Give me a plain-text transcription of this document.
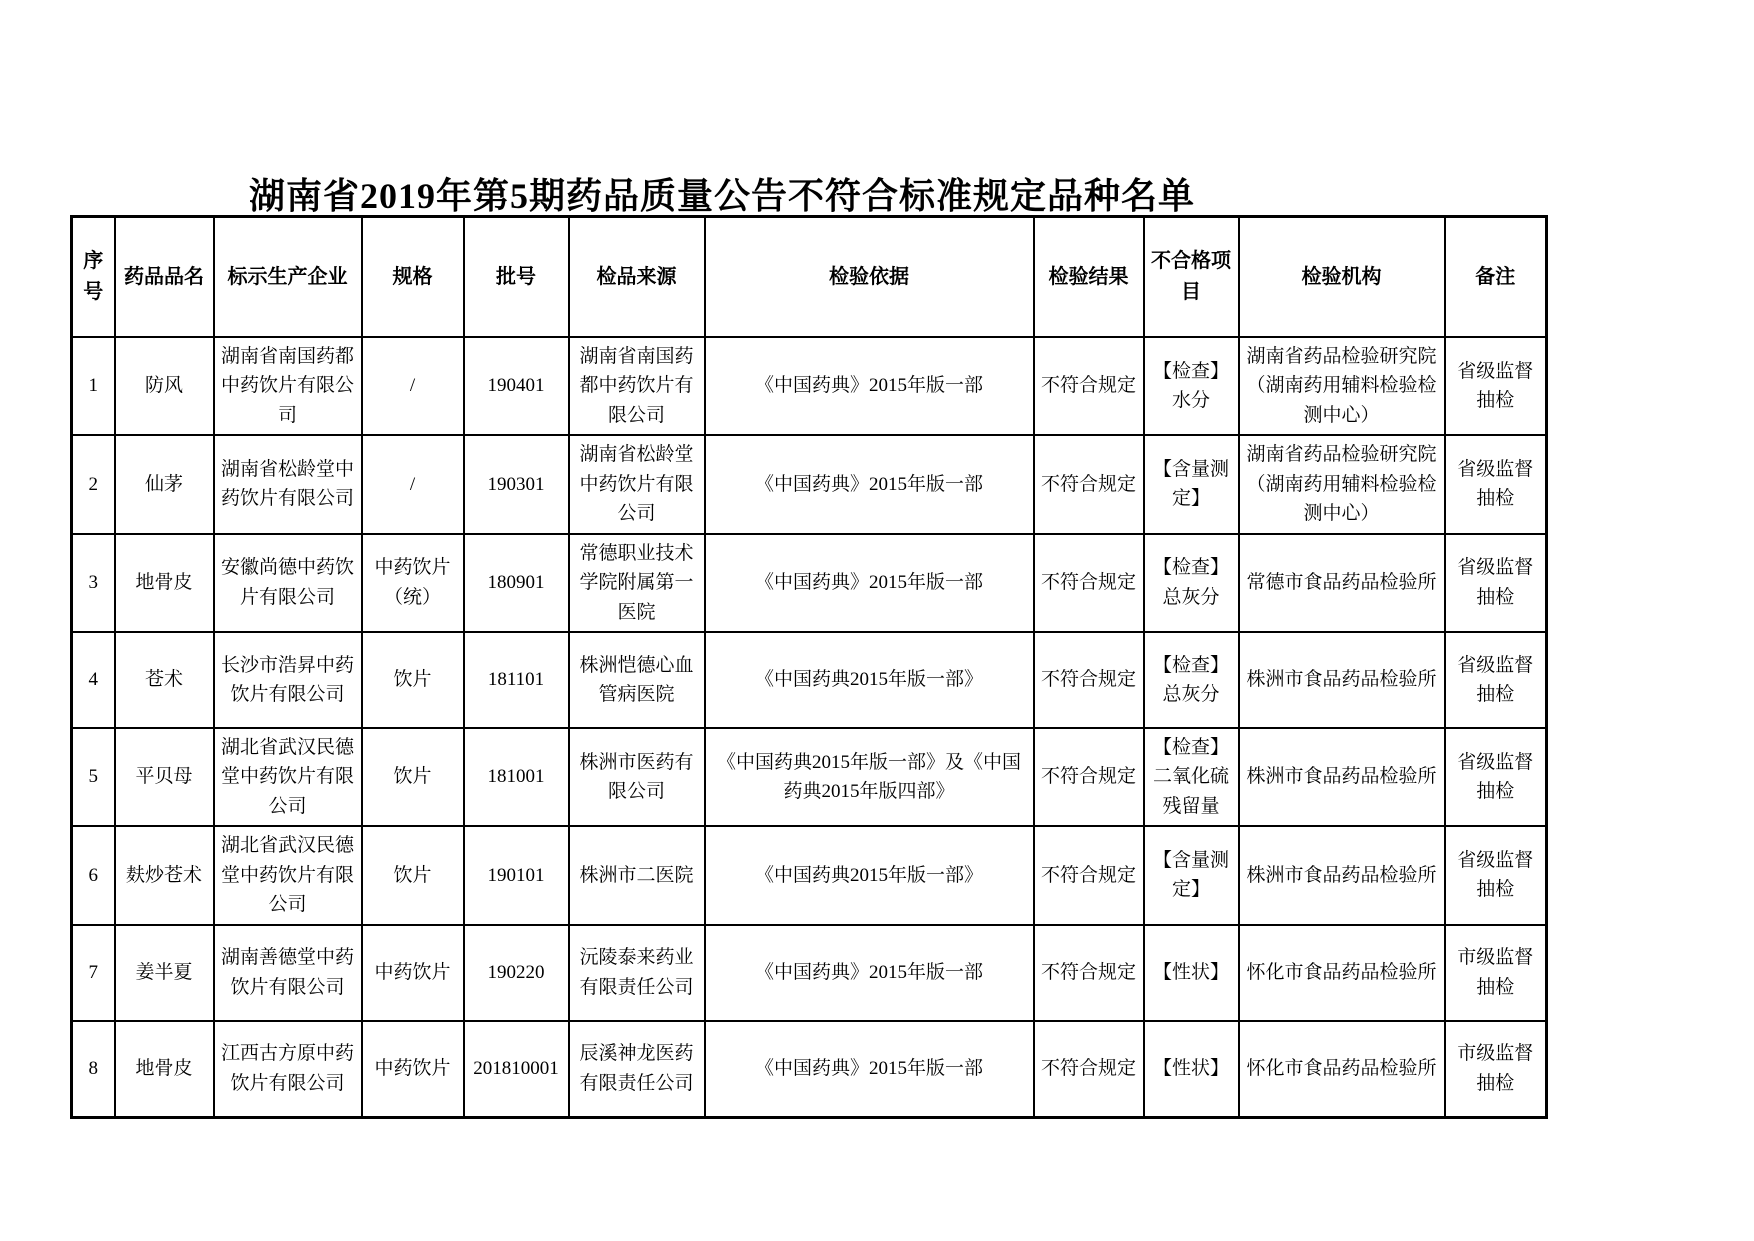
湖南省2019年第5期药品质量公告不符合标准规定品种名单
序号	药品品名	标示生产企业	规格	批号	检品来源	检验依据	检验结果	不合格项目	检验机构	备注
1	防风	湖南省南国药都中药饮片有限公司	/	190401	湖南省南国药都中药饮片有限公司	《中国药典》2015年版一部	不符合规定	【检查】水分	湖南省药品检验研究院（湖南药用辅料检验检测中心）	省级监督抽检
2	仙茅	湖南省松龄堂中药饮片有限公司	/	190301	湖南省松龄堂中药饮片有限公司	《中国药典》2015年版一部	不符合规定	【含量测定】	湖南省药品检验研究院（湖南药用辅料检验检测中心）	省级监督抽检
3	地骨皮	安徽尚德中药饮片有限公司	中药饮片（统）	180901	常德职业技术学院附属第一医院	《中国药典》2015年版一部	不符合规定	【检查】总灰分	常德市食品药品检验所	省级监督抽检
4	苍术	长沙市浩昇中药饮片有限公司	饮片	181101	株洲恺德心血管病医院	《中国药典2015年版一部》	不符合规定	【检查】总灰分	株洲市食品药品检验所	省级监督抽检
5	平贝母	湖北省武汉民德堂中药饮片有限公司	饮片	181001	株洲市医药有限公司	《中国药典2015年版一部》及《中国药典2015年版四部》	不符合规定	【检查】二氧化硫残留量	株洲市食品药品检验所	省级监督抽检
6	麸炒苍术	湖北省武汉民德堂中药饮片有限公司	饮片	190101	株洲市二医院	《中国药典2015年版一部》	不符合规定	【含量测定】	株洲市食品药品检验所	省级监督抽检
7	姜半夏	湖南善德堂中药饮片有限公司	中药饮片	190220	沅陵泰来药业有限责任公司	《中国药典》2015年版一部	不符合规定	【性状】	怀化市食品药品检验所	市级监督抽检
8	地骨皮	江西古方原中药饮片有限公司	中药饮片	201810001	辰溪神龙医药有限责任公司	《中国药典》2015年版一部	不符合规定	【性状】	怀化市食品药品检验所	市级监督抽检
